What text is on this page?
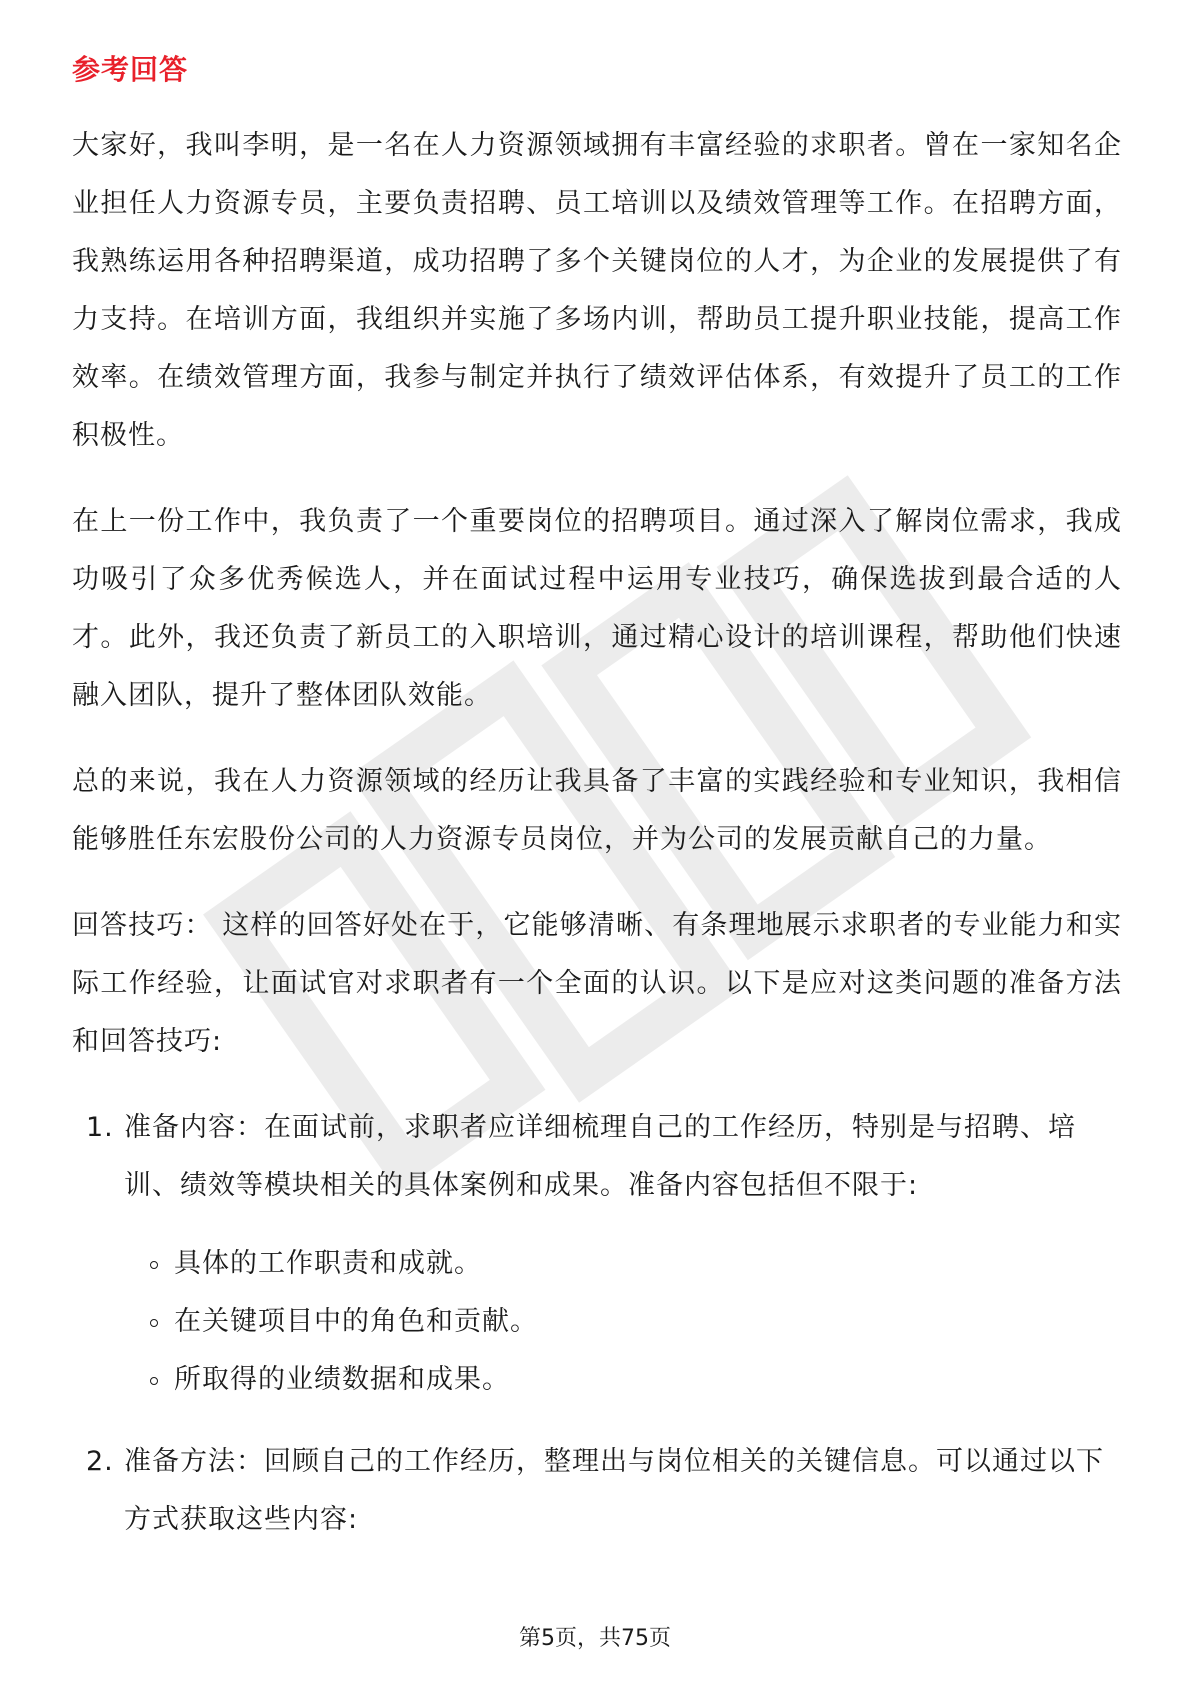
参考回答

大家好，我叫李明，是一名在人力资源领域拥有丰富经验的求职者。曾在一家知名企业担任人力资源专员，主要负责招聘、员工培训以及绩效管理等工作。在招聘方面，我熟练运用各种招聘渠道，成功招聘了多个关键岗位的人才，为企业的发展提供了有力支持。在培训方面，我组织并实施了多场内训，帮助员工提升职业技能，提高工作效率。在绩效管理方面，我参与制定并执行了绩效评估体系，有效提升了员工的工作积极性。

在上一份工作中，我负责了一个重要岗位的招聘项目。通过深入了解岗位需求，我成功吸引了众多优秀候选人，并在面试过程中运用专业技巧，确保选拔到最合适的人才。此外，我还负责了新员工的入职培训，通过精心设计的培训课程，帮助他们快速融入团队，提升了整体团队效能。

总的来说，我在人力资源领域的经历让我具备了丰富的实践经验和专业知识，我相信能够胜任东宏股份公司的人力资源专员岗位，并为公司的发展贡献自己的力量。

回答技巧： 这样的回答好处在于，它能够清晰、有条理地展示求职者的专业能力和实际工作经验，让面试官对求职者有一个全面的认识。以下是应对这类问题的准备方法和回答技巧:

1. 准备内容：在面试前，求职者应详细梳理自己的工作经历，特别是与招聘、培训、绩效等模块相关的具体案例和成果。准备内容包括但不限于:
具体的工作职责和成就。
在关键项目中的角色和贡献。
所取得的业绩数据和成果。
2. 准备方法：回顾自己的工作经历，整理出与岗位相关的关键信息。可以通过以下方式获取这些内容:
第5页，共75页
